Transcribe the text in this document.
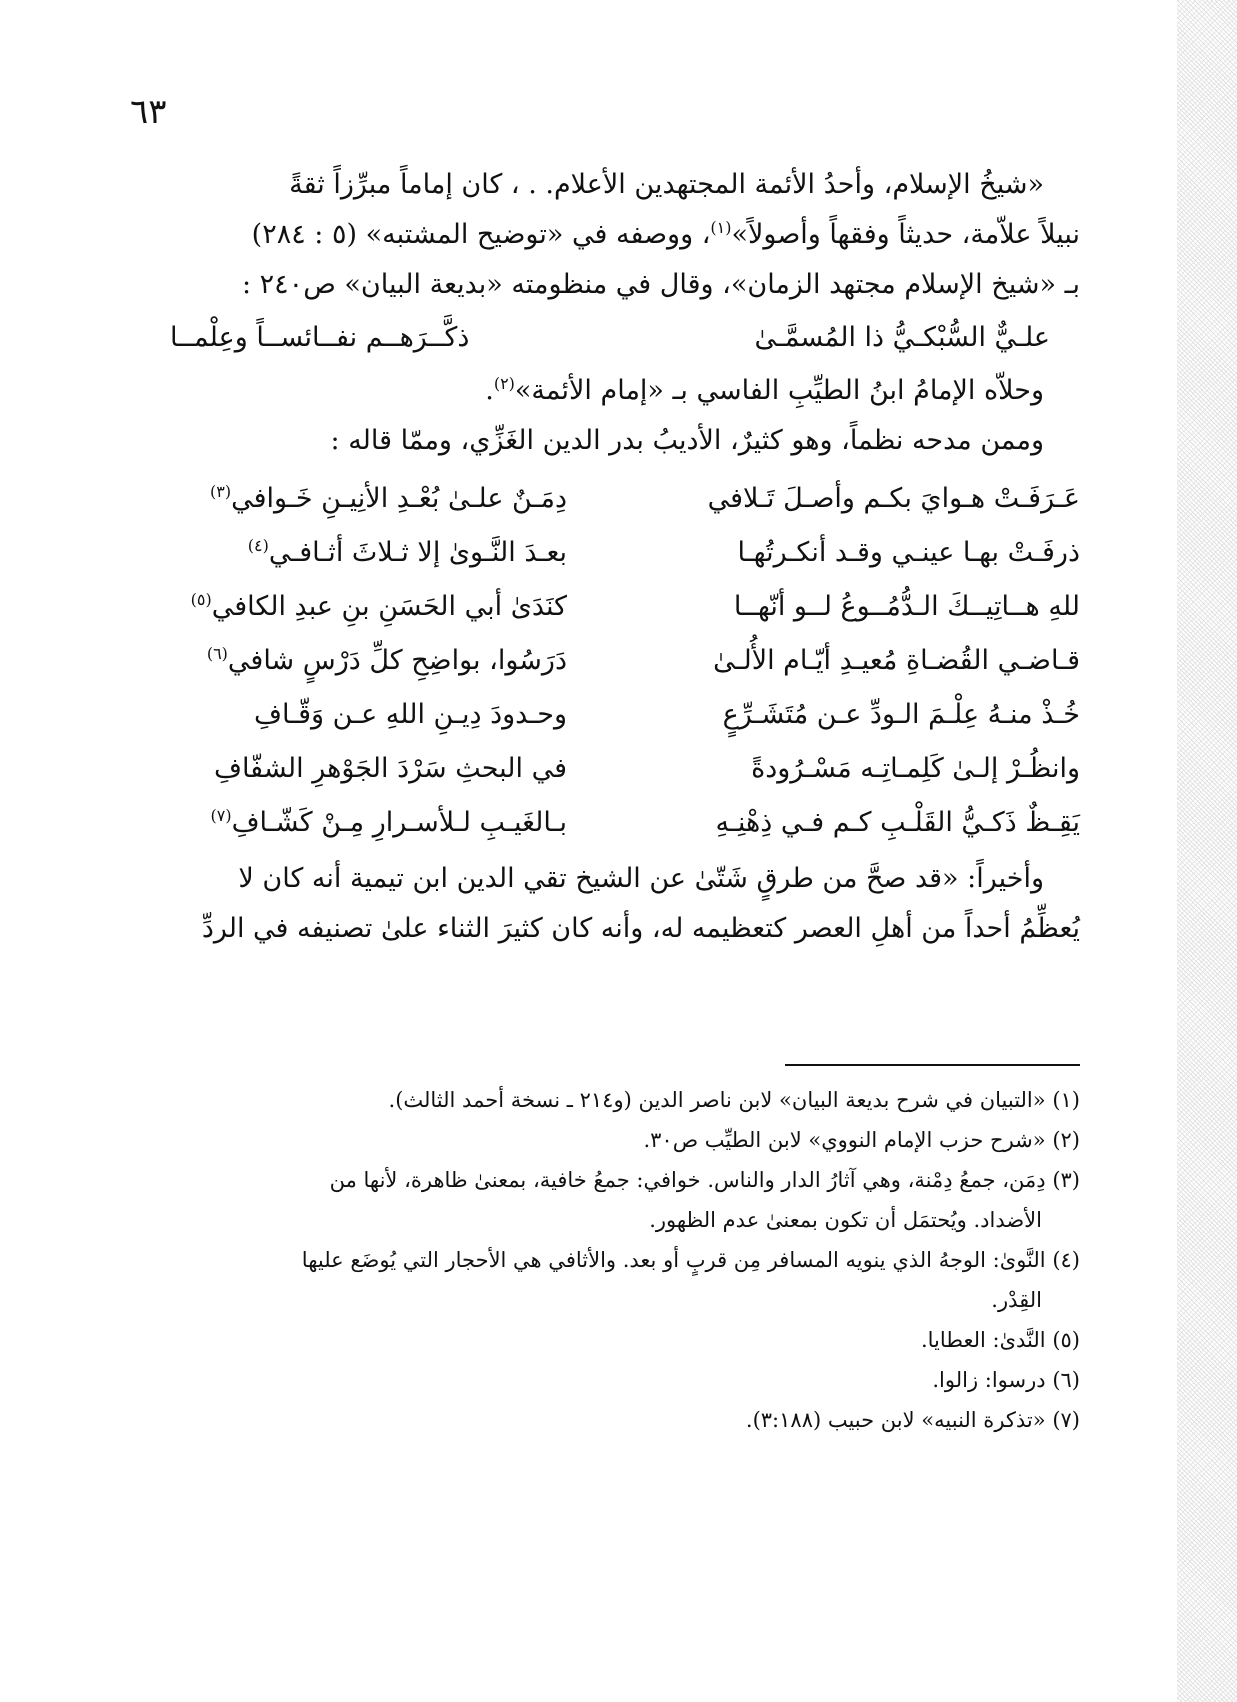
٦٣

«شيخُ الإسلام، وأحدُ الأئمة المجتهدين الأعلام. . ، كان إماماً مبرِّزاً ثقةً

نبيلاً علاّمة، حديثاً وفقهاً وأصولاً»$^{(١)}$، ووصفه في «توضيح المشتبه» (٥ : ٢٨٤)

بـ «شيخ الإسلام مجتهد الزمان»، وقال في منظومته «بديعة البيان» ص٢٤٠ :

علـيٌّ السُّبْكـيُّ ذا المُسمَّـىٰ
ذكَّــرَهــم نفــائســاً وعِلْمــا

وحلاّه الإمامُ ابنُ الطيِّبِ الفاسي بـ «إمام الأئمة»$^{(٢)}$.

وممن مدحه نظماً، وهو كثيرٌ، الأديبُ بدر الدين الغَزِّي، وممّا قاله :

عَـرَفَـتْ هـوايَ بكـم وأصـلَ تَـلافي
دِمَـنٌ علـىٰ بُعْـدِ الأنِيـنِ خَـوافي$^{(٣)}$
ذرفَـتْ بهـا عينـي وقـد أنكـرتُهـا
بعـدَ النَّـوىٰ إلا ثـلاثَ أثـافـي$^{(٤)}$
للهِ هــاتِيــكَ الـدُّمُــوعُ لــو أنّهــا
كنَدَىٰ أبي الحَسَنِ بنِ عبدِ الكافي$^{(٥)}$
قـاضـي القُضـاةِ مُعيـدِ أيّـام الأُلـىٰ
دَرَسُوا، بواضِحِ كلِّ دَرْسٍ شافي$^{(٦)}$
خُـذْ منـهُ عِلْـمَ الـودِّ عـن مُتَشَـرِّعٍ
وحـدودَ دِيـنِ اللهِ عـن وَقّـافِ
وانظُـرْ إلـىٰ كَلِمـاتِـه مَسْـرُودةً
في البحثِ سَرْدَ الجَوْهرِ الشفّافِ
يَقِـظٌ ذَكـيُّ القَلْـبِ كـم فـي ذِهْنِـهِ
بـالغَيـبِ لـلأسـرارِ مِـنْ كَشّـافِ$^{(٧)}$

وأخيراً: «قد صحَّ من طرقٍ شَتّىٰ عن الشيخ تقي الدين ابن تيمية أنه كان لا

يُعظِّمُ أحداً من أهلِ العصر كتعظيمه له، وأنه كان كثيرَ الثناء علىٰ تصنيفه في الردِّ

(١) «التبيان في شرح بديعة البيان» لابن ناصر الدين (و٢١٤ ـ نسخة أحمد الثالث).

(٢) «شرح حزب الإمام النووي» لابن الطيِّب ص٣٠.

(٣) دِمَن، جمعُ دِمْنة، وهي آثارُ الدار والناس. خوافي: جمعُ خافية، بمعنىٰ ظاهرة، لأنها من
الأضداد. ويُحتمَل أن تكون بمعنىٰ عدم الظهور.

(٤) النَّوىٰ: الوجهُ الذي ينويه المسافر مِن قربٍ أو بعد. والأثافي هي الأحجار التي يُوضَع عليها
القِدْر.

(٥) النَّدىٰ: العطايا.

(٦) درسوا: زالوا.

(٧) «تذكرة النبيه» لابن حبيب (٣:١٨٨).
